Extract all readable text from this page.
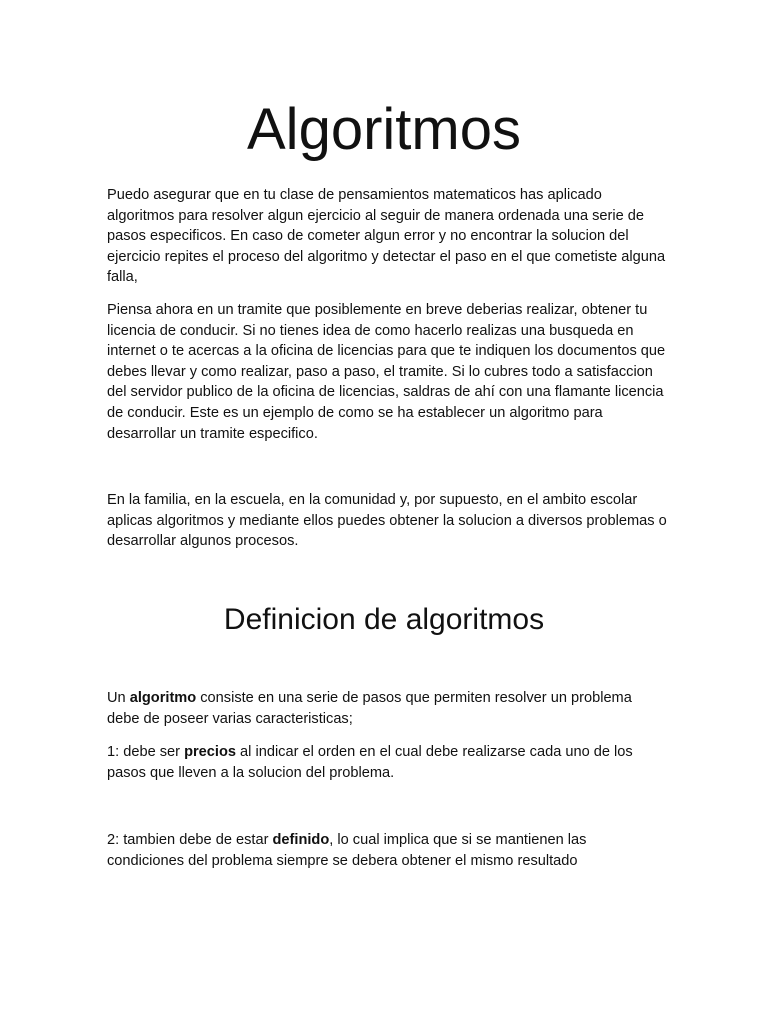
Algoritmos

Puedo asegurar que en tu clase de pensamientos matematicos has aplicado algoritmos para resolver algun ejercicio al seguir de manera ordenada una serie de pasos especificos. En caso de cometer algun error y no encontrar la solucion del ejercicio repites el proceso del algoritmo y detectar el paso en el que cometiste alguna falla,

Piensa ahora en un tramite que posiblemente en breve deberias realizar, obtener tu licencia de conducir. Si no tienes idea de como hacerlo realizas una busqueda en internet o te acercas a la oficina de licencias para que te indiquen los documentos que debes llevar y como realizar, paso a paso, el tramite. Si lo cubres todo a satisfaccion del servidor publico de la oficina de licencias, saldras de ahí con una flamante licencia de conducir. Este es un ejemplo de como se ha establecer un algoritmo para desarrollar un tramite especifico.

En la familia, en la escuela, en la comunidad y, por supuesto, en el ambito escolar aplicas algoritmos y mediante ellos puedes obtener la solucion a diversos problemas o desarrollar algunos procesos.

Definicion de algoritmos

Un algoritmo consiste en una serie de pasos que permiten resolver un problema debe de poseer varias caracteristicas;

1: debe ser precios al indicar el orden en el cual debe realizarse cada uno de los pasos que lleven a la solucion del problema.

2: tambien debe de estar definido, lo cual implica que si se mantienen las condiciones del problema siempre se debera obtener el mismo resultado
